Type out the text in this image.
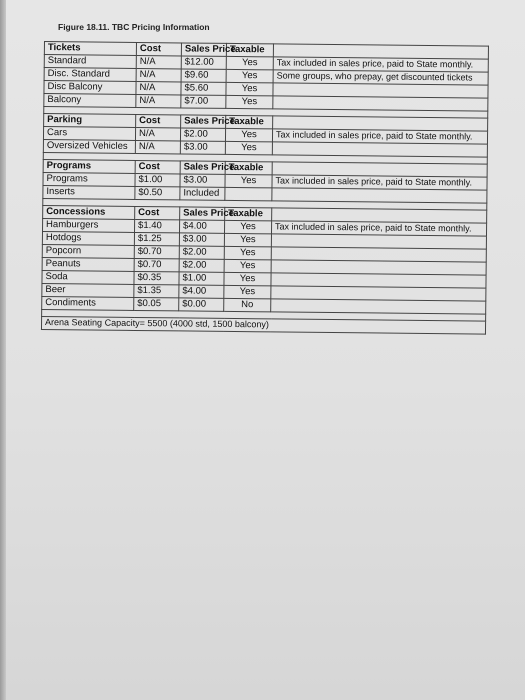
Figure 18.11. TBC Pricing Information
Tickets	Cost	Sales Price	Taxable	
Standard	N/A	$12.00	Yes	Tax included in sales price, paid to State monthly.
Disc. Standard	N/A	$9.60	Yes	Some groups, who prepay, get discounted tickets
Disc Balcony	N/A	$5.60	Yes	
Balcony	N/A	$7.00	Yes	

Parking	Cost	Sales Price	Taxable	
Cars	N/A	$2.00	Yes	Tax included in sales price, paid to State monthly.
Oversized Vehicles	N/A	$3.00	Yes	

Programs	Cost	Sales Price	Taxable	
Programs	$1.00	$3.00	Yes	Tax included in sales price, paid to State monthly.
Inserts	$0.50	Included		

Concessions	Cost	Sales Price	Taxable	
Hamburgers	$1.40	$4.00	Yes	Tax included in sales price, paid to State monthly.
Hotdogs	$1.25	$3.00	Yes	
Popcorn	$0.70	$2.00	Yes	
Peanuts	$0.70	$2.00	Yes	
Soda	$0.35	$1.00	Yes	
Beer	$1.35	$4.00	Yes	
Condiments	$0.05	$0.00	No	

Arena Seating Capacity= 5500 (4000 std, 1500 balcony)				
